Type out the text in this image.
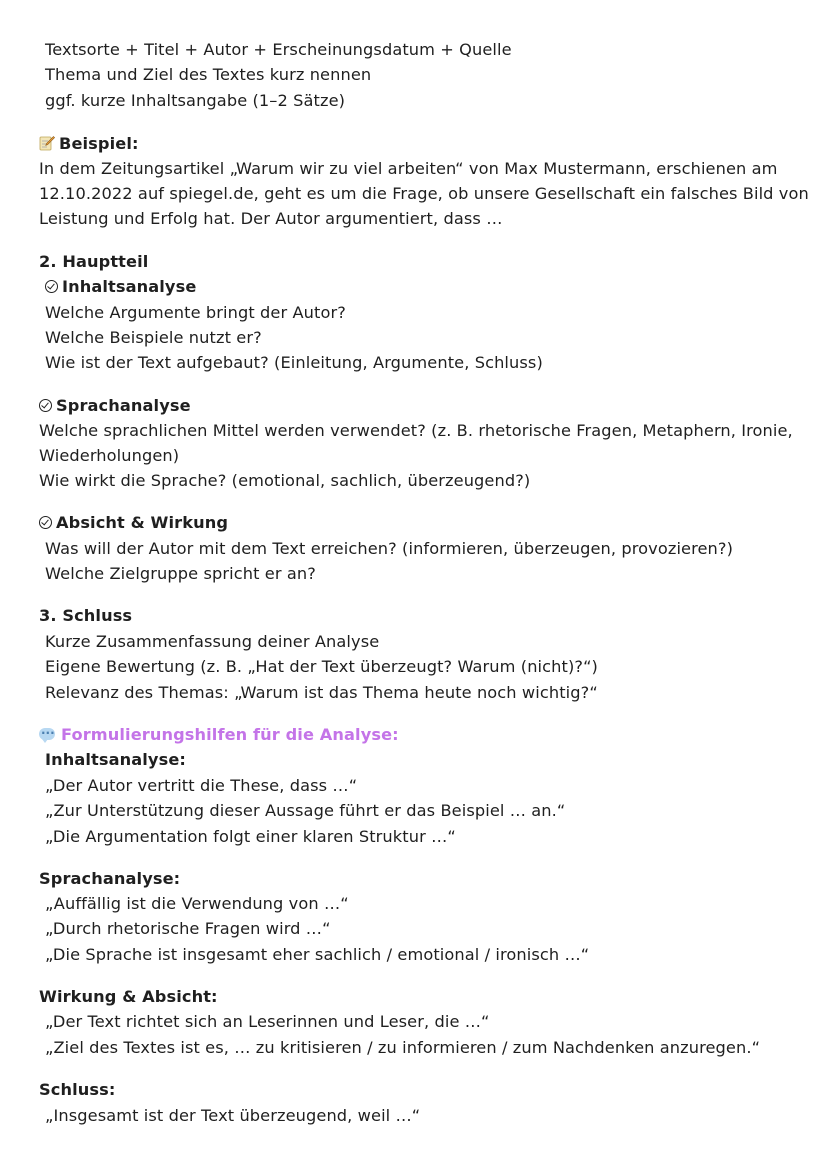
Textsorte + Titel + Autor + Erscheinungsdatum + Quelle
Thema und Ziel des Textes kurz nennen
ggf. kurze Inhaltsangabe (1–2 Sätze)
Beispiel:
In dem Zeitungsartikel „Warum wir zu viel arbeiten“ von Max Mustermann, erschienen am
12.10.2022 auf spiegel.de, geht es um die Frage, ob unsere Gesellschaft ein falsches Bild von
Leistung und Erfolg hat. Der Autor argumentiert, dass …
2. Hauptteil
Inhaltsanalyse
Welche Argumente bringt der Autor?
Welche Beispiele nutzt er?
Wie ist der Text aufgebaut? (Einleitung, Argumente, Schluss)
Sprachanalyse
Welche sprachlichen Mittel werden verwendet? (z. B. rhetorische Fragen, Metaphern, Ironie,
Wiederholungen)
Wie wirkt die Sprache? (emotional, sachlich, überzeugend?)
Absicht & Wirkung
Was will der Autor mit dem Text erreichen? (informieren, überzeugen, provozieren?)
Welche Zielgruppe spricht er an?
3. Schluss
Kurze Zusammenfassung deiner Analyse
Eigene Bewertung (z. B. „Hat der Text überzeugt? Warum (nicht)?“)
Relevanz des Themas: „Warum ist das Thema heute noch wichtig?“
···Formulierungshilfen für die Analyse:
Inhaltsanalyse:
„Der Autor vertritt die These, dass …“
„Zur Unterstützung dieser Aussage führt er das Beispiel … an.“
„Die Argumentation folgt einer klaren Struktur …“
Sprachanalyse:
„Auffällig ist die Verwendung von …“
„Durch rhetorische Fragen wird …“
„Die Sprache ist insgesamt eher sachlich / emotional / ironisch …“
Wirkung & Absicht:
„Der Text richtet sich an Leserinnen und Leser, die …“
„Ziel des Textes ist es, … zu kritisieren / zu informieren / zum Nachdenken anzuregen.“
Schluss:
„Insgesamt ist der Text überzeugend, weil …“
